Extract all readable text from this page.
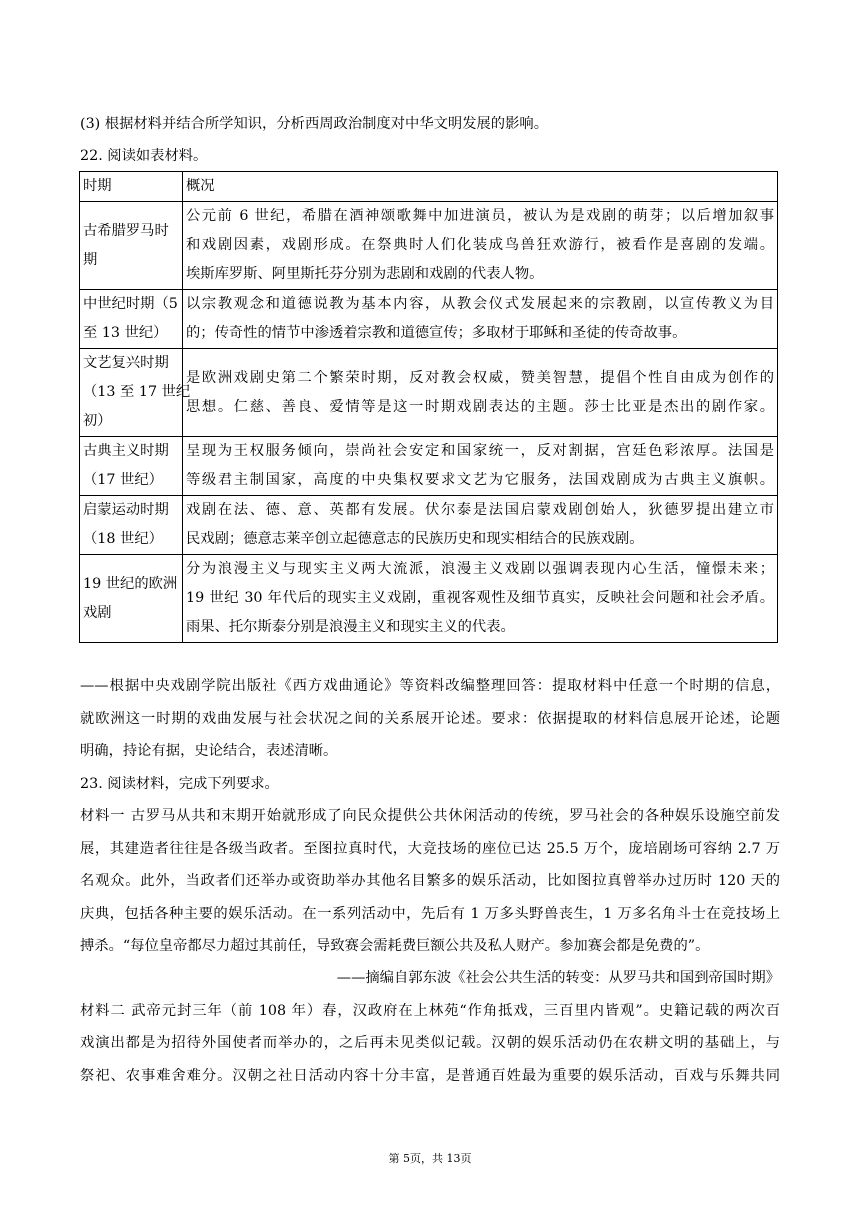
(3) 根据材料并结合所学知识，分析西周政治制度对中华文明发展的影响。
22. 阅读如表材料。
时期	概况

古希腊罗马时
期	公元前 6 世纪，希腊在酒神颂歌舞中加进演员，被认为是戏剧的萌芽；以后增加叙事
和戏剧因素，戏剧形成。在祭典时人们化装成鸟兽狂欢游行，被看作是喜剧的发端。
埃斯库罗斯、阿里斯托芬分别为悲剧和戏剧的代表人物。

中世纪时期（5
至 13 世纪）	以宗教观念和道德说教为基本内容，从教会仪式发展起来的宗教剧，以宣传教义为目
的；传奇性的情节中渗透着宗教和道德宣传；多取材于耶稣和圣徒的传奇故事。

文艺复兴时期
（13 至 17 世纪
初）	是欧洲戏剧史第二个繁荣时期，反对教会权威，赞美智慧，提倡个性自由成为创作的
思想。仁慈、善良、爱情等是这一时期戏剧表达的主题。莎士比亚是杰出的剧作家。

古典主义时期
（17 世纪）	呈现为王权服务倾向，崇尚社会安定和国家统一，反对割据，宫廷色彩浓厚。法国是
等级君主制国家，高度的中央集权要求文艺为它服务，法国戏剧成为古典主义旗帜。

启蒙运动时期
（18 世纪）	戏剧在法、德、意、英都有发展。伏尔泰是法国启蒙戏剧创始人，狄德罗提出建立市
民戏剧；德意志莱辛创立起德意志的民族历史和现实相结合的民族戏剧。

19 世纪的欧洲
戏剧	分为浪漫主义与现实主义两大流派，浪漫主义戏剧以强调表现内心生活，憧憬未来；
19 世纪 30 年代后的现实主义戏剧，重视客观性及细节真实，反映社会问题和社会矛盾。
雨果、托尔斯泰分别是浪漫主义和现实主义的代表。
——根据中央戏剧学院出版社《西方戏曲通论》等资料改编整理回答：提取材料中任意一个时期的信息，
就欧洲这一时期的戏曲发展与社会状况之间的关系展开论述。要求：依据提取的材料信息展开论述，论题
明确，持论有据，史论结合，表述清晰。
23. 阅读材料，完成下列要求。
材料一 古罗马从共和末期开始就形成了向民众提供公共休闲活动的传统，罗马社会的各种娱乐设施空前发
展，其建造者往往是各级当政者。至图拉真时代，大竞技场的座位已达 25.5 万个，庞培剧场可容纳 2.7 万
名观众。此外，当政者们还举办或资助举办其他名目繁多的娱乐活动，比如图拉真曾举办过历时 120 天的
庆典，包括各种主要的娱乐活动。在一系列活动中，先后有 1 万多头野兽丧生，1 万多名角斗士在竞技场上
搏杀。“每位皇帝都尽力超过其前任，导致赛会需耗费巨额公共及私人财产。参加赛会都是免费的”。
——摘编自郭东波《社会公共生活的转变：从罗马共和国到帝国时期》
材料二 武帝元封三年（前 108 年）春，汉政府在上林苑“作角抵戏，三百里内皆观”。史籍记载的两次百
戏演出都是为招待外国使者而举办的，之后再未见类似记载。汉朝的娱乐活动仍在农耕文明的基础上，与
祭祀、农事难舍难分。汉朝之社日活动内容十分丰富，是普通百姓最为重要的娱乐活动，百戏与乐舞共同
第 5页，共 13页
